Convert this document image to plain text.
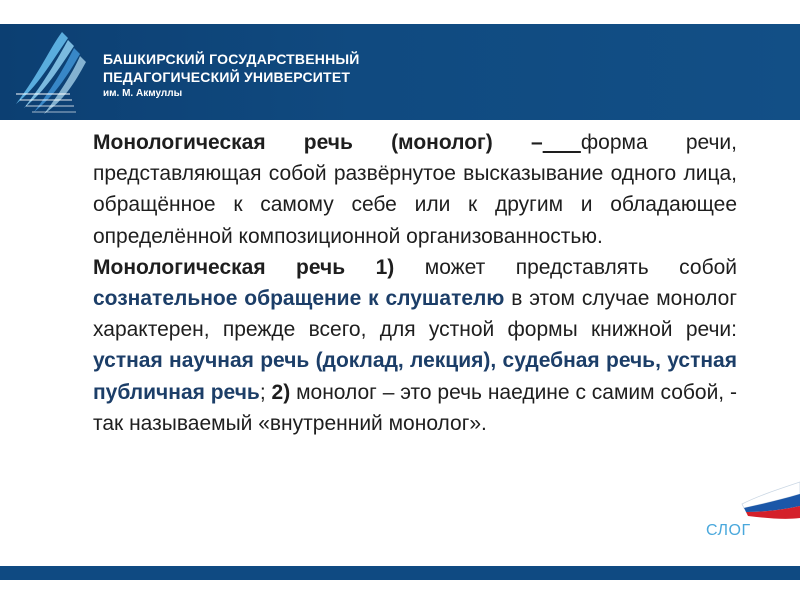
БАШКИРСКИЙ ГОСУДАРСТВЕННЫЙ
ПЕДАГОГИЧЕСКИЙ УНИВЕРСИТЕТ
им. М. Акмуллы

Монологическая речь (монолог) – форма речи, представляющая собой развёрнутое высказывание одного лица, обращённое к самому себе или к другим и обладающее определённой композиционной организованностью.

Монологическая речь 1) может представлять собой сознательное обращение к слушателю в этом случае монолог характерен, прежде всего, для устной формы книжной речи: устная научная речь (доклад, лекция), судебная речь, устная публичная речь; 2) монолог – это речь наедине с самим собой, - так называемый «внутренний монолог».

СЛОГ
